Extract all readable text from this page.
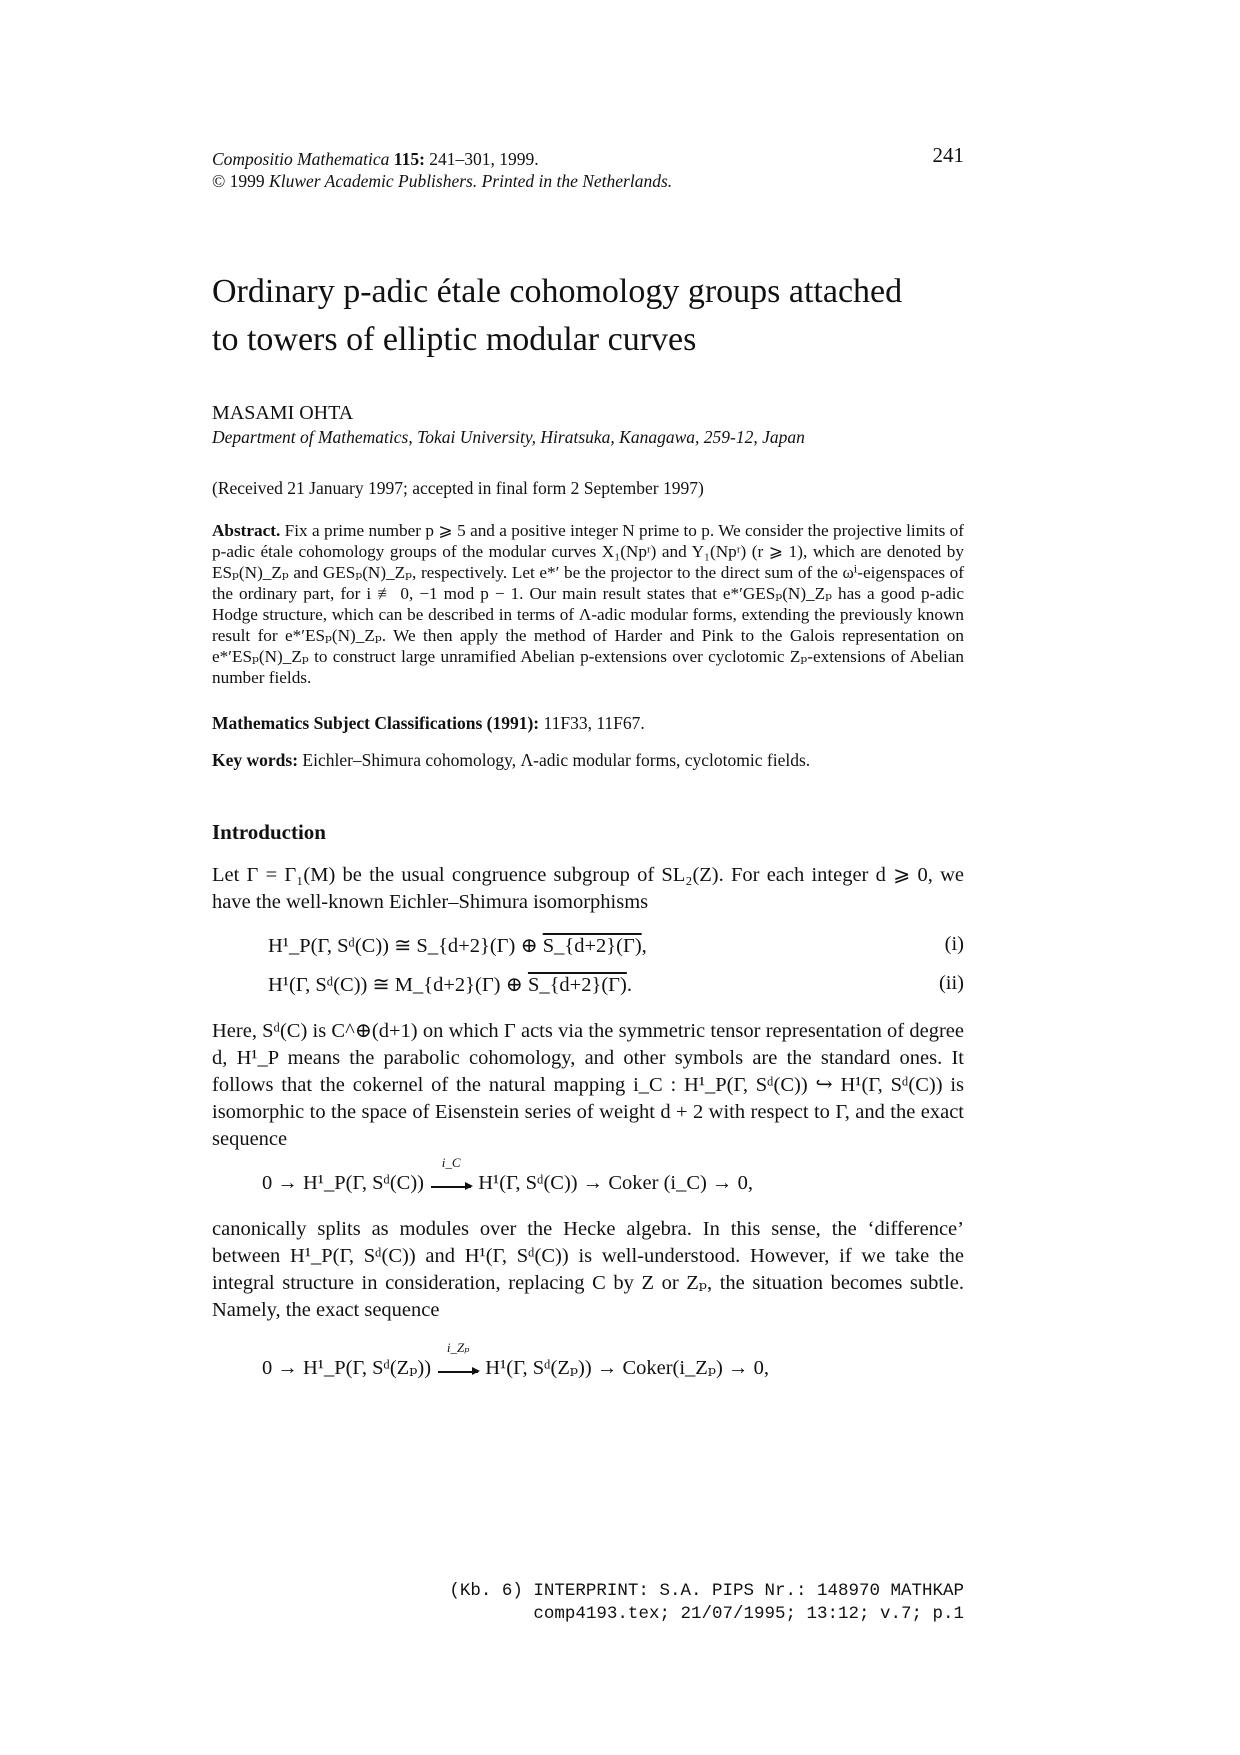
Compositio Mathematica 115: 241–301, 1999.
© 1999 Kluwer Academic Publishers. Printed in the Netherlands.
241
Ordinary p-adic étale cohomology groups attached
to towers of elliptic modular curves
MASAMI OHTA
Department of Mathematics, Tokai University, Hiratsuka, Kanagawa, 259-12, Japan
(Received 21 January 1997; accepted in final form 2 September 1997)
Abstract. Fix a prime number p ⩾ 5 and a positive integer N prime to p. We consider the projective limits of p-adic étale cohomology groups of the modular curves X₁(Npʳ) and Y₁(Npʳ) (r ⩾ 1), which are denoted by ESₚ(N)_Zₚ and GESₚ(N)_Zₚ, respectively. Let e*′ be the projector to the direct sum of the ωⁱ-eigenspaces of the ordinary part, for i ≢ 0, −1 mod p − 1. Our main result states that e*′GESₚ(N)_Zₚ has a good p-adic Hodge structure, which can be described in terms of Λ-adic modular forms, extending the previously known result for e*′ESₚ(N)_Zₚ. We then apply the method of Harder and Pink to the Galois representation on e*′ESₚ(N)_Zₚ to construct large unramified Abelian p-extensions over cyclotomic Zₚ-extensions of Abelian number fields.
Mathematics Subject Classifications (1991): 11F33, 11F67.
Key words: Eichler–Shimura cohomology, Λ-adic modular forms, cyclotomic fields.
Introduction
Let Γ = Γ₁(M) be the usual congruence subgroup of SL₂(Z). For each integer d ⩾ 0, we have the well-known Eichler–Shimura isomorphisms
H¹_P(Γ, Sᵈ(C)) ≅ S_{d+2}(Γ) ⊕ S_{d+2}(Γ),	(i)
H¹(Γ, Sᵈ(C)) ≅ M_{d+2}(Γ) ⊕ S_{d+2}(Γ).	(ii)
Here, Sᵈ(C) is C^⊕(d+1) on which Γ acts via the symmetric tensor representation of degree d, H¹_P means the parabolic cohomology, and other symbols are the standard ones. It follows that the cokernel of the natural mapping i_C : H¹_P(Γ, Sᵈ(C)) ↪ H¹(Γ, Sᵈ(C)) is isomorphic to the space of Eisenstein series of weight d + 2 with respect to Γ, and the exact sequence
0 → H¹_P(Γ, Sᵈ(C))
i_C
H¹(Γ, Sᵈ(C)) → Coker (i_C) → 0,
canonically splits as modules over the Hecke algebra. In this sense, the ‘difference’ between H¹_P(Γ, Sᵈ(C)) and H¹(Γ, Sᵈ(C)) is well-understood. However, if we take the integral structure in consideration, replacing C by Z or Zₚ, the situation becomes subtle. Namely, the exact sequence
0 → H¹_P(Γ, Sᵈ(Zₚ))
i_Zₚ
H¹(Γ, Sᵈ(Zₚ)) → Coker(i_Zₚ) → 0,
(Kb. 6) INTERPRINT: S.A. PIPS Nr.: 148970 MATHKAP
comp4193.tex; 21/07/1995; 13:12; v.7; p.1
